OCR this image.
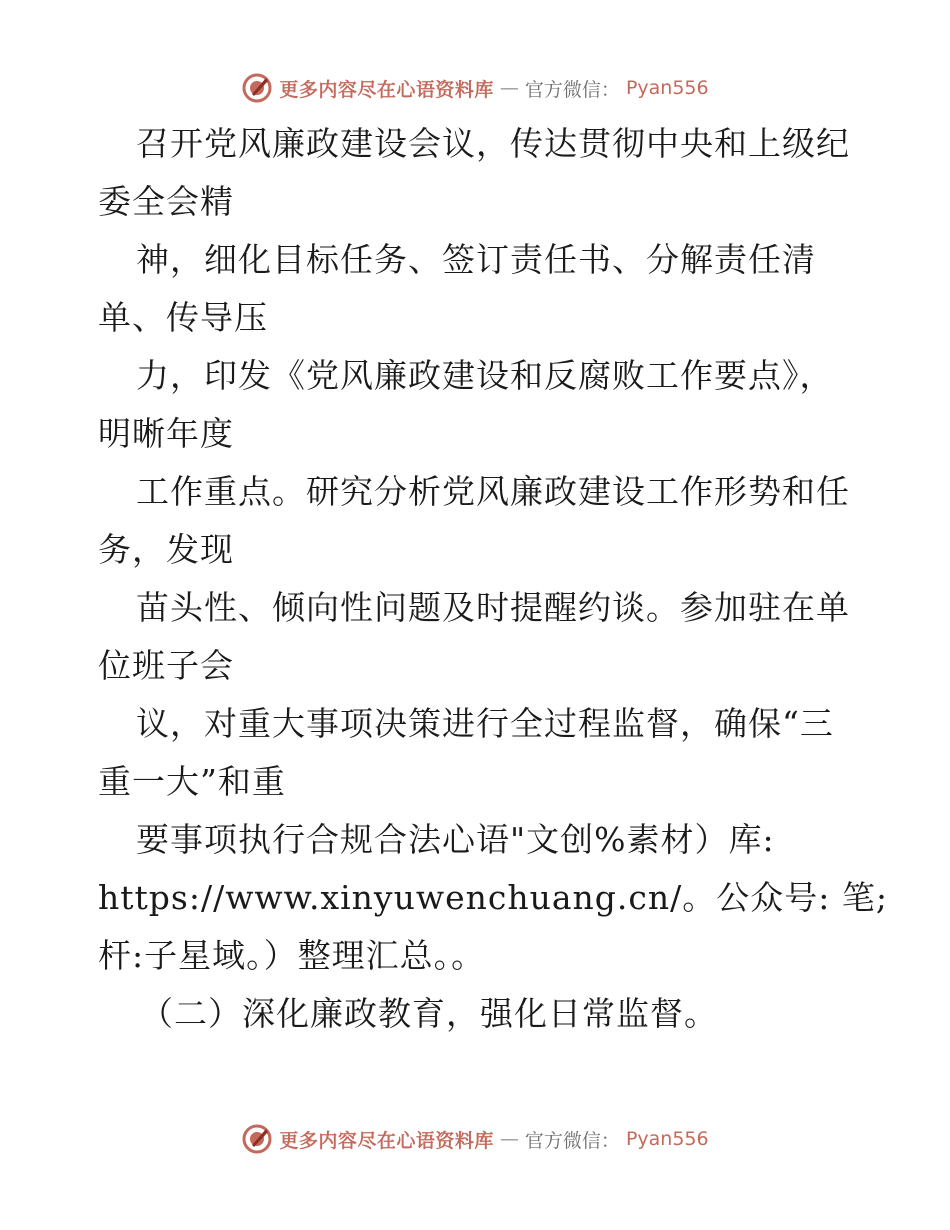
更多内容尽在心语资料库 — 官方微信： Pyan556
召开党风廉政建设会议，传达贯彻中央和上级纪
委全会精
神，细化目标任务、签订责任书、分解责任清
单、传导压
力，印发《党风廉政建设和反腐败工作要点》，
明晰年度
工作重点。研究分析党风廉政建设工作形势和任
务，发现
苗头性、倾向性问题及时提醒约谈。参加驻在单
位班子会
议，对重大事项决策进行全过程监督，确保“三
重一大”和重
要事项执行合规合法心语"文创%素材）库:
https://www.xinyuwenchuang.cn/。公众号: 笔;
杆:子星域。）整理汇总。。
（二）深化廉政教育，强化日常监督。
更多内容尽在心语资料库 — 官方微信： Pyan556
